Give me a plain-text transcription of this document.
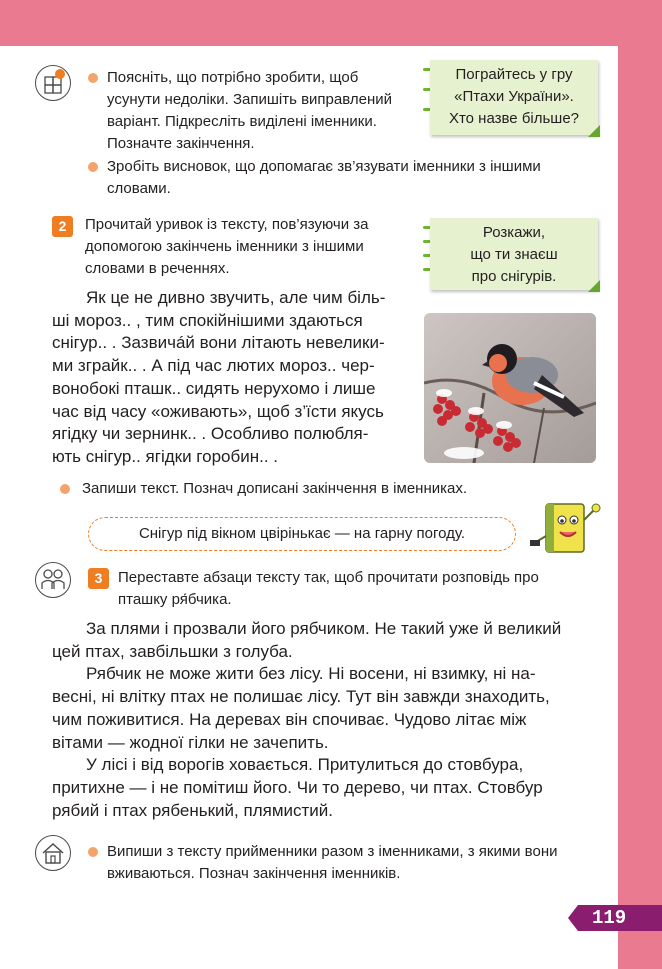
Поясніть, що потрібно зробити, щоб
усунути недоліки. Запишіть виправлений
варіант. Підкресліть виділені іменники.
Позначте закінчення.
Зробіть висновок, що допомагає зв’язувати іменники з іншими
словами.
Пограйтесь у гру
«Птахи України».
Хто назве більше?
2	Прочитай уривок із тексту, пов’язуючи за
допомогою закінчень іменники з іншими
словами в реченнях.
Розкажи,
що ти знаєш
про снігурів.
Як це не дивно звучить, але чим біль-
ші мороз.. , тим спокійнішими здаються
снігур.. . Зазвичáй вони літають невелики-
ми зграйк.. . А під час лютих мороз.. чер-
вонобокі пташк.. сидять нерухомо і лише
час від часу «оживають», щоб з’їсти якусь
ягідку чи зернинк.. . Особливо полюбля-
ють снігур.. ягідки горобин.. .
Запиши текст. Познач дописані закінчення в іменниках.
Снігур під вікном цвірінькає — на гарну погоду.
3	Переставте абзаци тексту так, щоб прочитати розповідь про
пташку ря́бчика.
За плями і прозвали його рябчиком. Не такий уже й великий
цей птах, завбільшки з голуба.
Рябчик не може жити без лісу. Ні восени, ні взимку, ні на-
весні, ні влітку птах не полишає лісу. Тут він завжди знаходить,
чим поживитися. На деревах він спочиває. Чудово літає між
вітами — жодної гілки не зачепить.
У лісі і від ворогів ховається. Притулиться до стовбура,
притихне — і не помітиш його. Чи то дерево, чи птах. Стовбур
рябий і птах рябенький, плямистий.
Випиши з тексту прийменники разом з іменниками, з якими вони
вживаються. Познач закінчення іменників.
119
